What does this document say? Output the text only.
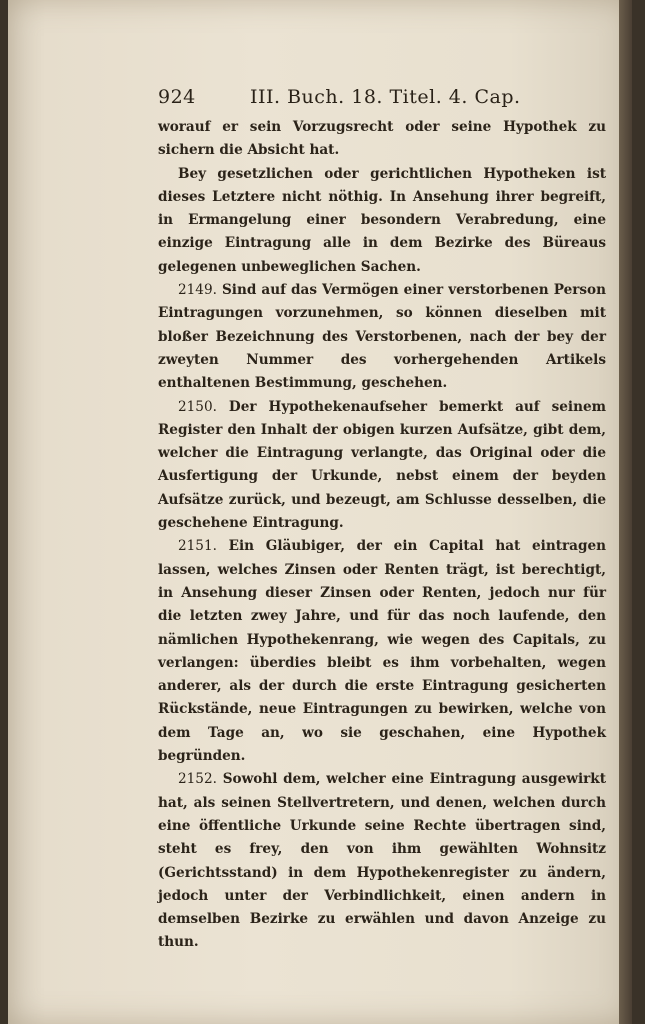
924	III. Buch. 18. Titel. 4. Cap.

worauf er sein Vorzugsrecht oder seine Hypothek zu sichern die Absicht hat.

Bey gesetzlichen oder gerichtlichen Hypotheken ist dieses Letztere nicht nöthig. In Ansehung ihrer begreift, in Ermangelung einer besondern Verabredung, eine einzige Eintragung alle in dem Bezirke des Büreaus gelegenen unbeweglichen Sachen.

2149. Sind auf das Vermögen einer verstorbenen Person Eintragungen vorzunehmen, so können dieselben mit bloßer Bezeichnung des Verstorbenen, nach der bey der zweyten Nummer des vorhergehenden Artikels enthaltenen Bestimmung, geschehen.

2150. Der Hypothekenaufseher bemerkt auf seinem Register den Inhalt der obigen kurzen Aufsätze, gibt dem, welcher die Eintragung verlangte, das Original oder die Ausfertigung der Urkunde, nebst einem der beyden Aufsätze zurück, und bezeugt, am Schlusse desselben, die geschehene Eintragung.

2151. Ein Gläubiger, der ein Capital hat eintragen lassen, welches Zinsen oder Renten trägt, ist berechtigt, in Ansehung dieser Zinsen oder Renten, jedoch nur für die letzten zwey Jahre, und für das noch laufende, den nämlichen Hypothekenrang, wie wegen des Capitals, zu verlangen: überdies bleibt es ihm vorbehalten, wegen anderer, als der durch die erste Eintragung gesicherten Rückstände, neue Eintragungen zu bewirken, welche von dem Tage an, wo sie geschahen, eine Hypothek begründen.

2152. Sowohl dem, welcher eine Eintragung ausgewirkt hat, als seinen Stellvertretern, und denen, welchen durch eine öffentliche Urkunde seine Rechte übertragen sind, steht es frey, den von ihm gewählten Wohnsitz (Gerichtsstand) in dem Hypothekenregister zu ändern, jedoch unter der Verbindlichkeit, einen andern in demselben Bezirke zu erwählen und davon Anzeige zu thun.
